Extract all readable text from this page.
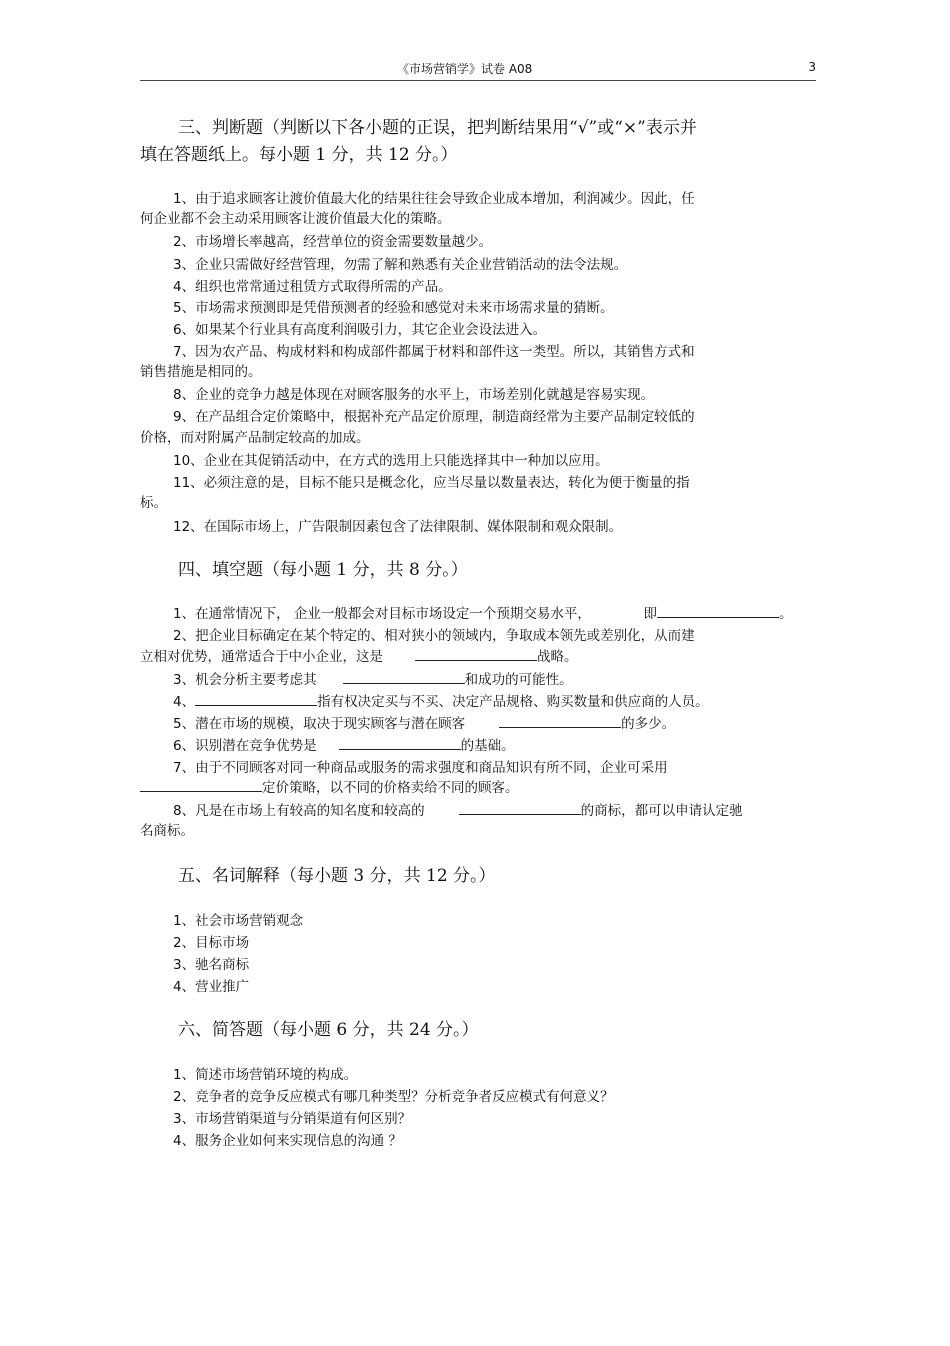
《市场营销学》试卷 A08	3
三、判断题（判断以下各小题的正误，把判断结果用“√”或“×”表示并
填在答题纸上。每小题 1 分，共 12 分。）
1、由于追求顾客让渡价值最大化的结果往往会导致企业成本增加，利润减少。因此，任
何企业都不会主动采用顾客让渡价值最大化的策略。
2、市场增长率越高，经营单位的资金需要数量越少。
3、企业只需做好经营管理，勿需了解和熟悉有关企业营销活动的法令法规。
4、组织也常常通过租赁方式取得所需的产品。
5、市场需求预测即是凭借预测者的经验和感觉对未来市场需求量的猜断。
6、如果某个行业具有高度利润吸引力，其它企业会设法进入。
7、因为农产品、构成材料和构成部件都属于材料和部件这一类型。所以，其销售方式和
销售措施是相同的。
8、企业的竞争力越是体现在对顾客服务的水平上，市场差别化就越是容易实现。
9、在产品组合定价策略中，根据补充产品定价原理，制造商经常为主要产品制定较低的
价格，而对附属产品制定较高的加成。
10、企业在其促销活动中，在方式的选用上只能选择其中一种加以应用。
11、必须注意的是，目标不能只是概念化，应当尽量以数量表达，转化为便于衡量的指
标。
12、在国际市场上，广告限制因素包含了法律限制、媒体限制和观众限制。
四、填空题（每小题 1 分，共 8 分。）
1、在通常情况下， 企业一般都会对目标市场设定一个预期交易水平，	即	。
2、把企业目标确定在某个特定的、相对狭小的领域内，争取成本领先或差别化，从而建
立相对优势，通常适合于中小企业，这是	战略。
3、机会分析主要考虑其	和成功的可能性。
4、	指有权决定买与不买、决定产品规格、购买数量和供应商的人员。
5、潜在市场的规模，取决于现实顾客与潜在顾客	的多少。
6、识别潜在竞争优势是	的基础。
7、由于不同顾客对同一种商品或服务的需求强度和商品知识有所不同，企业可采用
定价策略，以不同的价格卖给不同的顾客。
8、凡是在市场上有较高的知名度和较高的	的商标，都可以申请认定驰
名商标。
五、名词解释（每小题 3 分，共 12 分。）
1、社会市场营销观念
2、目标市场
3、驰名商标
4、营业推广
六、简答题（每小题 6 分，共 24 分。）
1、简述市场营销环境的构成。
2、竞争者的竞争反应模式有哪几种类型？分析竞争者反应模式有何意义？
3、市场营销渠道与分销渠道有何区别？
4、服务企业如何来实现信息的沟通 ？
